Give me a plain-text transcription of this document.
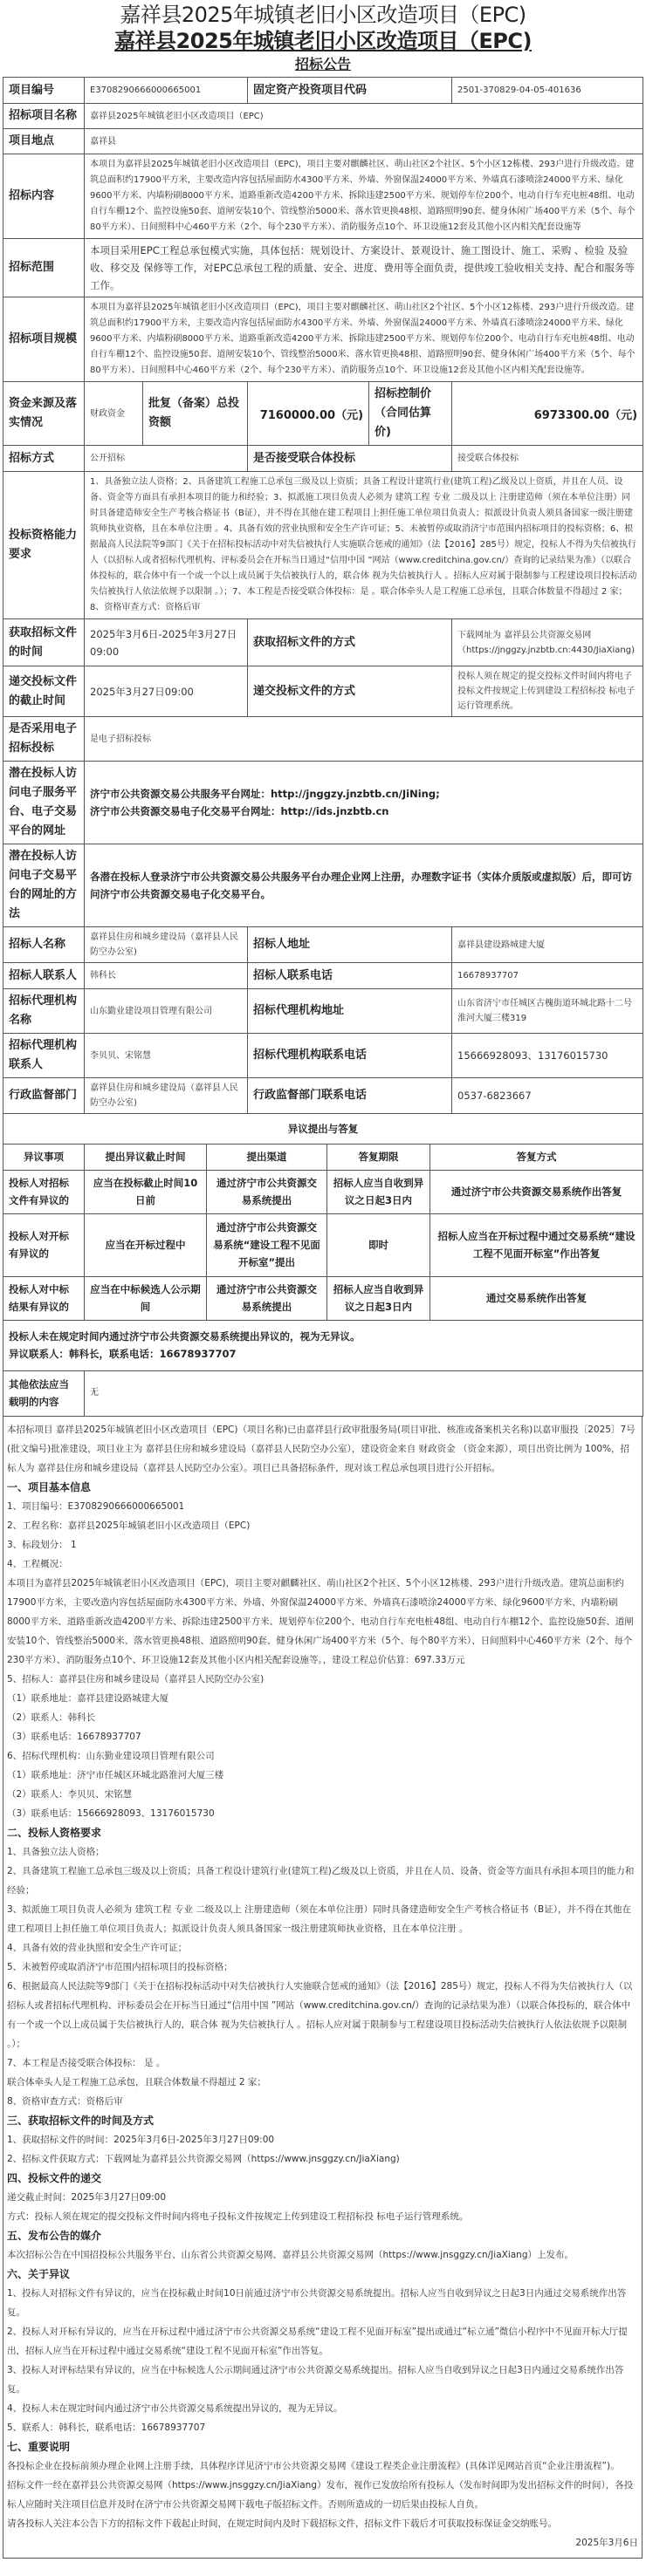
嘉祥县2025年城镇老旧小区改造项目（EPC)
嘉祥县2025年城镇老旧小区改造项目（EPC)
招标公告
项目编号	E3708290666000665001		固定资产投资项目代码		2501-370829-04-05-401636
招标项目名称	嘉祥县2025年城镇老旧小区改造项目（EPC)				
项目地点	嘉祥县				
招标内容	本项目为嘉祥县2025年城镇老旧小区改造项目（EPC)，项目主要对麒麟社区、萌山社区2个社区、5个小区12栋楼、293户进行升级改造。建筑总面积约17900平方米，主要改造内容包括屋面防水4300平方米、外墙、外窗保温24000平方米、外墙真石漆喷涂24000平方米、绿化9600平方米、内墙粉刷8000平方米、道路重新改造4200平方米、拆除违建2500平方米、规划停车位200个、电动自行车充电桩48组、电动自行车棚12个、监控设施50套、道闸安装10个、管线整治5000米、落水管更换48根、道路照明90套、健身休闲广场400平方米（5个、每个80平方米）、日间照料中心460平方米（2个、每个230平方米）、消防服务点10个、环卫设施12套及其他小区内相关配套设施等				
招标范围	本项目采用EPC工程总承包模式实施，具体包括：规划设计、方案设计、景观设计、施工图设计、施工、采购 、检验 及验收、移交及 保修等工作，对EPC总承包工程的质量、安全、进度、费用等全面负责，提供竣工验收相关支持、配合和服务等工作。				
招标项目规模	本项目为嘉祥县2025年城镇老旧小区改造项目（EPC)，项目主要对麒麟社区、萌山社区2个社区、5个小区12栋楼、293户进行升级改造。建筑总面积约17900平方米，主要改造内容包括屋面防水4300平方米、外墙、外窗保温24000平方米、外墙真石漆喷涂24000平方米、绿化9600平方米、内墙粉刷8000平方米、道路重新改造4200平方米、拆除违建2500平方米、规划停车位200个、电动自行车充电桩48组、电动自行车棚12个、监控设施50套、道闸安装10个、管线整治5000米、落水管更换48根、道路照明90套、健身休闲广场400平方米（5个、每个80平方米）、日间照料中心460平方米（2个、每个230平方米）、消防服务点10个、环卫设施12套及其他小区内相关配套设施等。				
资金来源及落实情况	财政资金	批复（备案）总投资额	7160000.00（元)	招标控制价（合同估算价)	6973300.00（元)
招标方式	公开招标		是否接受联合体投标		接受联合体投标
投标资格能力要求	1、具备独立法人资格；2、具备建筑工程施工总承包三级及以上资质；具备工程设计建筑行业(建筑工程)乙级及以上资质，并且在人员、设备、资金等方面具有承担本项目的能力和经验；3、拟派施工项目负责人必须为 建筑工程 专业 二级及以上 注册建造师（须在本单位注册）同时具备建造师安全生产考核合格证书（B证），并不得在其他在建工程项目上担任施工单位项目负责人；拟派设计负责人须具备国家一级注册建筑师执业资格，且在本单位注册 。4、具备有效的营业执照和安全生产许可证；5、未被暂停或取消济宁市范围内招标项目的投标资格；6、根据最高人民法院等9部门《关于在招标投标活动中对失信被执行人实施联合惩戒的通知》（法【2016】285号）规定，投标人不得为失信被执行人（以招标人或者招标代理机构、评标委员会在开标当日通过“信用中国 ”网站（www.creditchina.gov.cn/）查询的记录结果为准）（以联合体投标的，联合体中有一个或一个以上成员属于失信被执行人的，联合体 视为失信被执行人 。招标人应对属于限制参与工程建设项目投标活动失信被执行人依法依规予以限制 。）；7、本工程是否接受联合体投标：是 。联合体牵头人是工程施工总承包，且联合体数量不得超过 2 家；8、资格审查方式：资格后审				
获取招标文件的时间	2025年3月6日-2025年3月27日09:00		获取招标文件的方式		下载网址为 嘉祥县公共资源交易网（https://jnggzy.jnzbtb.cn:4430/JiaXiang)
递交投标文件的截止时间	2025年3月27日09:00		递交投标文件的方式		投标人须在规定的提交投标文件时间内将电子投标文件按规定上传到建设工程招标投 标电子运行管理系统。
是否采用电子招标投标	是电子招标投标				
潜在投标人访问电子服务平台、电子交易平台的网址	济宁市公共资源交易公共服务平台网址：http://jnggzy.jnzbtb.cn/JiNing;
济宁市公共资源交易电子化交易平台网址：http://ids.jnzbtb.cn				

潜在投标人访问电子交易平台的网址的方法	各潜在投标人登录济宁市公共资源交易公共服务平台办理企业网上注册，办理数字证书（实体介质版或虚拟版）后，即可访问济宁市公共资源交易电子化交易平台。				
招标人名称	嘉祥县住房和城乡建设局（嘉祥县人民防空办公室)		招标人地址		嘉祥县建设路城建大厦
招标人联系人	韩科长		招标人联系电话		16678937707
招标代理机构名称	山东勤业建设项目管理有限公司		招标代理机构地址		山东省济宁市任城区古槐街道环城北路十二号淮河大厦三楼319
招标代理机构联系人	李贝贝、宋铭慧		招标代理机构联系电话		15666928093、13176015730
行政监督部门	嘉祥县住房和城乡建设局（嘉祥县人民防空办公室)		行政监督部门联系电话		0537-6823667
异议提出与答复				
异议事项	提出异议截止时间	提出渠道	答复期限	答复方式
投标人对招标文件有异议的	应当在投标截止时间10日前	通过济宁市公共资源交易系统提出	招标人应当自收到异议之日起3日内	通过济宁市公共资源交易系统作出答复
投标人对开标有异议的	应当在开标过程中	通过济宁市公共资源交易系统“建设工程不见面开标室”提出	即时	招标人应当在开标过程中通过交易系统“建设工程不见面开标室”作出答复
投标人对中标结果有异议的	应当在中标候选人公示期间	通过济宁市公共资源交易系统提出	招标人应当自收到异议之日起3日内	通过交易系统作出答复

投标人未在规定时间内通过济宁市公共资源交易系统提出异议的，视为无异议。
异议联系人：韩科长，联系电话：16678937707				

其他依法应当载明的内容	无			
本招标项目 嘉祥县2025年城镇老旧小区改造项目（EPC)（项目名称)已由嘉祥县行政审批服务局(项目审批、核准或备案机关名称)以嘉审服投〔2025〕7号 (批文编号)批准建设，项目业主为 嘉祥县住房和城乡建设局（嘉祥县人民防空办公室），建设资金来自 财政资金 （资金来源），项目出资比例为 100%，招标人为 嘉祥县住房和城乡建设局（嘉祥县人民防空办公室）。项目已具备招标条件，现对该工程总承包项目进行公开招标。
一、项目基本信息
1、项目编号：E3708290666000665001
2、工程名称：嘉祥县2025年城镇老旧小区改造项目（EPC)
3、标段划分： 1
4、工程概况：
本项目为嘉祥县2025年城镇老旧小区改造项目（EPC)，项目主要对麒麟社区、萌山社区2个社区、5个小区12栋楼、293户进行升级改造。建筑总面积约17900平方米，主要改造内容包括屋面防水4300平方米、外墙、外窗保温24000平方米、外墙真石漆喷涂24000平方米、绿化9600平方米、内墙粉刷8000平方米、道路重新改造4200平方米、拆除违建2500平方米、规划停车位200个、电动自行车充电桩48组、电动自行车棚12个、监控设施50套、道闸安装10个、管线整治5000米、落水管更换48根、道路照明90套、健身休闲广场400平方米（5个、每个80平方米）、日间照料中心460平方米（2个、每个230平方米）、消防服务点10个、环卫设施12套及其他小区内相关配套设施等。，建设工程总价估算：697.33万元
5、招标人：嘉祥县住房和城乡建设局（嘉祥县人民防空办公室)
（1）联系地址：嘉祥县建设路城建大厦
（2）联系人：韩科长
（3）联系电话：16678937707
6、招标代理机构：山东勤业建设项目管理有限公司
（1）联系地址：济宁市任城区环城北路淮河大厦三楼
（2）联系人：李贝贝、宋铭慧
（3）联系电话：15666928093、13176015730
二、投标人资格要求
1、具备独立法人资格；
2、具备建筑工程施工总承包三级及以上资质；具备工程设计建筑行业(建筑工程)乙级及以上资质，并且在人员、设备、资金等方面具有承担本项目的能力和经验；
3、拟派施工项目负责人必须为 建筑工程 专业 二级及以上 注册建造师（须在本单位注册）同时具备建造师安全生产考核合格证书（B证），并不得在其他在建工程项目上担任施工单位项目负责人；拟派设计负责人须具备国家一级注册建筑师执业资格，且在本单位注册 。
4、具备有效的营业执照和安全生产许可证；
5、未被暂停或取消济宁市范围内招标项目的投标资格；
6、根据最高人民法院等9部门《关于在招标投标活动中对失信被执行人实施联合惩戒的通知》（法【2016】285号）规定，投标人不得为失信被执行人（以招标人或者招标代理机构、评标委员会在开标当日通过“信用中国 ”网站（www.creditchina.gov.cn/）查询的记录结果为准）（以联合体投标的，联合体中有一个或一个以上成员属于失信被执行人的，联合体 视为失信被执行人 。招标人应对属于限制参与工程建设项目投标活动失信被执行人依法依规予以限制 。）；
7、本工程是否接受联合体投标： 是 。
联合体牵头人是工程施工总承包，且联合体数量不得超过 2 家；
8、资格审查方式：资格后审
三、获取招标文件的时间及方式
1、获取招标文件的时间：2025年3月6日-2025年3月27日09:00
2、招标文件获取方式：下载网址为嘉祥县公共资源交易网（https://www.jnsggzy.cn/JiaXiang)
四、投标文件的递交
递交截止时间：2025年3月27日09:00
方式：投标人须在规定的提交投标文件时间内将电子投标文件按规定上传到建设工程招标投 标电子运行管理系统。
五、发布公告的媒介
本次招标公告在中国招投标公共服务平台、山东省公共资源交易网、嘉祥县公共资源交易网（https://www.jnsggzy.cn/JiaXiang）上发布。
六、关于异议
1、投标人对招标文件有异议的，应当在投标截止时间10日前通过济宁市公共资源交易系统提出。招标人应当自收到异议之日起3日内通过交易系统作出答复。
2、投标人对开标有异议的，应当在开标过程中通过济宁市公共资源交易系统“建设工程不见面开标室”提出或通过“标立通”微信小程序中不见面开标大厅提出，招标人应当在开标过程中通过交易系统“建设工程不见面开标室”作出答复。
3、投标人对评标结果有异议的，应当在中标候选人公示期间通过济宁市公共资源交易系统提出。招标人应当自收到异议之日起3日内通过交易系统作出答复。
4、投标人未在规定时间内通过济宁市公共资源交易系统提出异议的，视为无异议。
5、联系人：韩科长，联系电话：16678937707
七、重要说明
各投标企业在投标前须办理企业网上注册手续，具体程序详见济宁市公共资源交易网《建设工程类企业注册流程》(具体详见网站首页“企业注册流程”)。
招标文件一经在嘉祥县公共资源交易网（https://www.jnsggzy.cn/JiaXiang）发布，视作已发放给所有投标人（发布时间即为发出招标文件的时间），各投标人应随时关注项目信息并及时在济宁市公共资源交易网下载电子版招标文件。否则所造成的一切后果由投标人自负。
请各投标人关注本公告下方的招标文件下载起止时间，在规定时间内及时下载招标文件，招标文件下载后才可获取投标保证金交纳账号。
2025年3月6日
